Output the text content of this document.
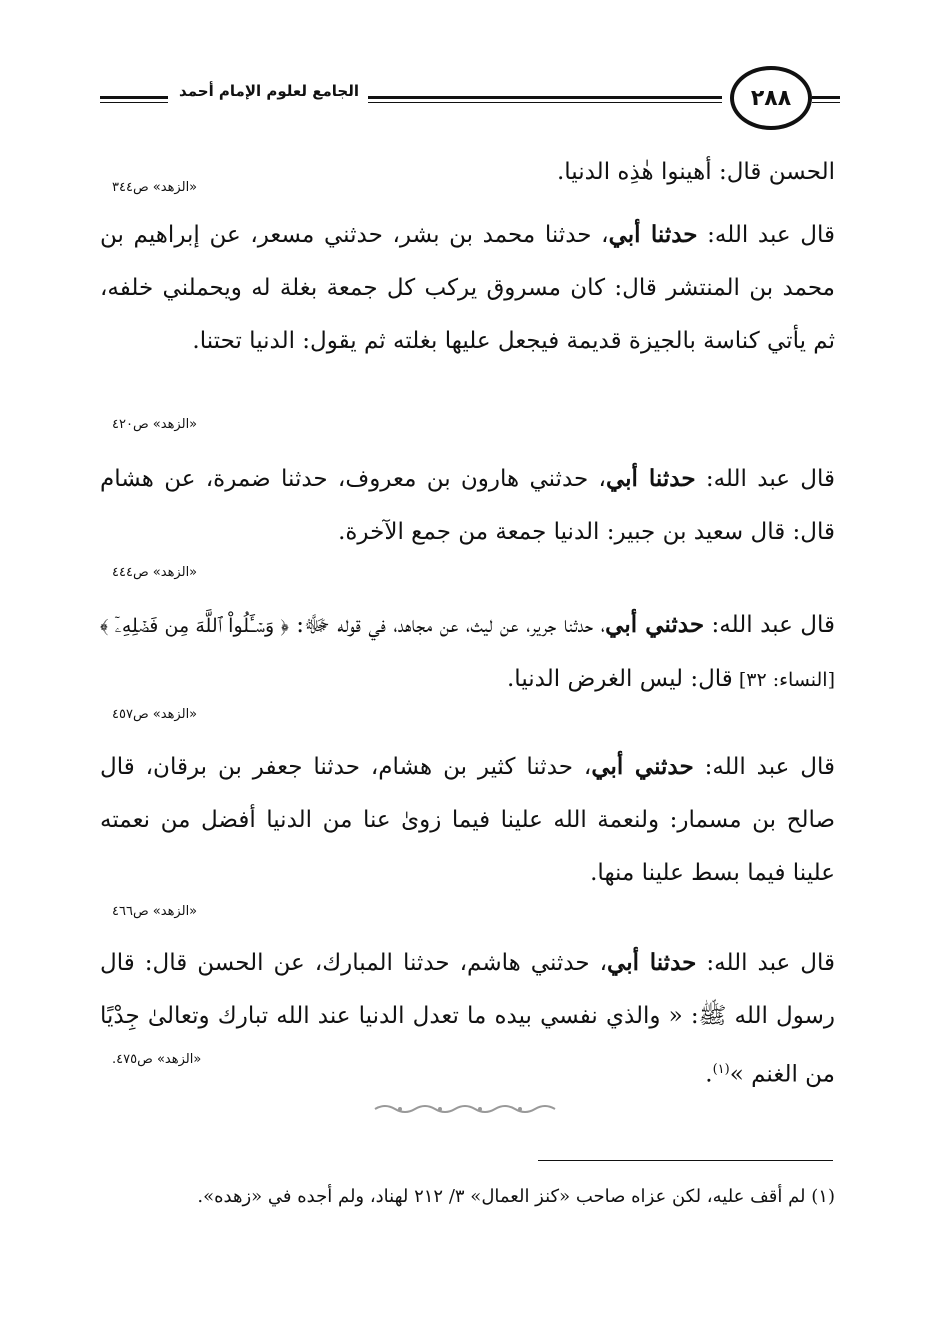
الجامع لعلوم الإمام أحمد	٢٨٨
الحسن قال: أهينوا هٰذِه الدنيا.
«الزهد» ص٣٤٤
قال عبد الله: حدثنا أبي، حدثنا محمد بن بشر، حدثني مسعر، عن إبراهيم بن محمد بن المنتشر قال: كان مسروق يركب كل جمعة بغلة له ويحملني خلفه، ثم يأتي كناسة بالجيزة قديمة فيجعل عليها بغلته ثم يقول: الدنيا تحتنا.
«الزهد» ص٤٢٠
قال عبد الله: حدثنا أبي، حدثني هارون بن معروف، حدثنا ضمرة، عن هشام قال: قال سعيد بن جبير: الدنيا جمعة من جمع الآخرة.
«الزهد» ص٤٤٤
قال عبد الله: حدثني أبي، حدثنا جرير، عن ليث، عن مجاهد، في قوله ﷻ: ﴿ وَسۡـَٔلُواْ ٱللَّهَ مِن فَضۡلِهِۦٓ ﴾ [النساء: ٣٢] قال: ليس الغرض الدنيا.
«الزهد» ص٤٥٧
قال عبد الله: حدثني أبي، حدثنا كثير بن هشام، حدثنا جعفر بن برقان، قال صالح بن مسمار: ولنعمة الله علينا فيما زوىٰ عنا من الدنيا أفضل من نعمته علينا فيما بسط علينا منها.
«الزهد» ص٤٦٦
قال عبد الله: حدثنا أبي، حدثني هاشم، حدثنا المبارك، عن الحسن قال: قال رسول الله ﷺ: « والذي نفسي بيده ما تعدل الدنيا عند الله تبارك وتعالىٰ جِدْيًا من الغنم »$^{(١)}$.
«الزهد» ص٤٧٥.
(١) لم أقف عليه، لكن عزاه صاحب «كنز العمال» ٣/ ٢١٢ لهناد، ولم أجده في «زهده».
